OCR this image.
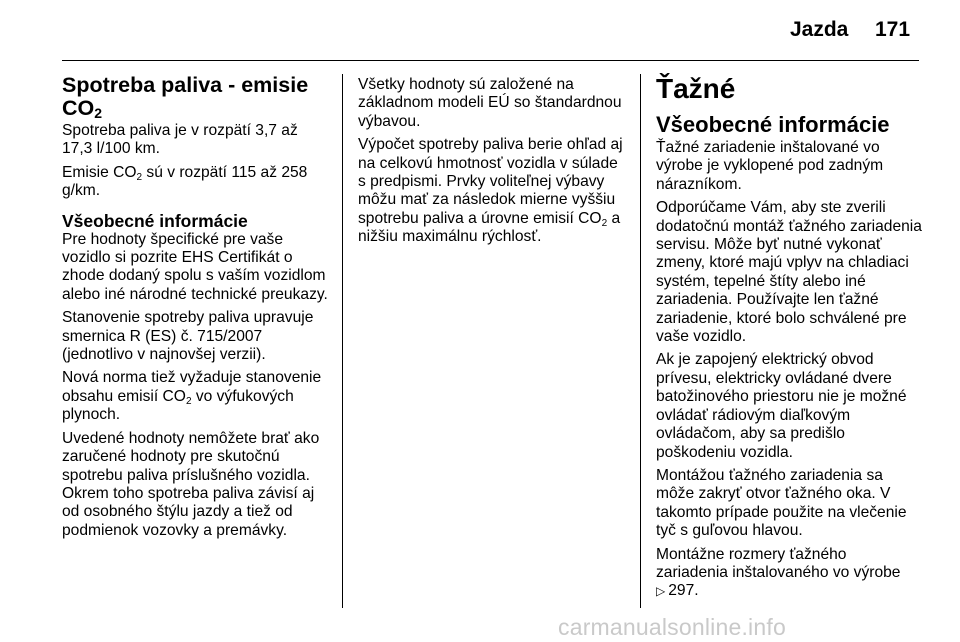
Jazda 171
Spotreba paliva - emisie $CO_2$

Spotreba paliva je v rozpätí 3,7 až 17,3 l/100 km.

Emisie CO2 sú v rozpätí 115 až 258 g/km.

Všeobecné informácie

Pre hodnoty špecifické pre vaše vozidlo si pozrite EHS Certifikát o zhode dodaný spolu s vaším vozidlom alebo iné národné technické preukazy.

Stanovenie spotreby paliva upravuje smernica R (ES) č. 715/2007 (jednotlivo v najnovšej verzii).

Nová norma tiež vyžaduje stanovenie obsahu emisií CO2 vo výfukových plynoch.

Uvedené hodnoty nemôžete brať ako zaručené hodnoty pre skutočnú spotrebu paliva príslušného vozidla. Okrem toho spotreba paliva závisí aj od osobného štýlu jazdy a tiež od podmienok vozovky a premávky.

Všetky hodnoty sú založené na základnom modeli EÚ so štandardnou výbavou.

Výpočet spotreby paliva berie ohľad aj na celkovú hmotnosť vozidla v súlade s predpismi. Prvky voliteľnej výbavy môžu mať za následok mierne vyššiu spotrebu paliva a úrovne emisií CO2 a nižšiu maximálnu rýchlosť.

Ťažné
Všeobecné informácie

Ťažné zariadenie inštalované vo výrobe je vyklopené pod zadným nárazníkom.

Odporúčame Vám, aby ste zverili dodatočnú montáž ťažného zariadenia servisu. Môže byť nutné vykonať zmeny, ktoré majú vplyv na chladiaci systém, tepelné štíty alebo iné zariadenia. Používajte len ťažné zariadenie, ktoré bolo schválené pre vaše vozidlo.

Ak je zapojený elektrický obvod prívesu, elektricky ovládané dvere batožinového priestoru nie je možné ovládať rádiovým diaľkovým ovládačom, aby sa predišlo poškodeniu vozidla.

Montážou ťažného zariadenia sa môže zakryť otvor ťažného oka. V takomto prípade použite na vlečenie tyč s guľovou hlavou.

Montážne rozmery ťažného zariadenia inštalovaného vo výrobe
▷ 297.

carmanualsonline.info
